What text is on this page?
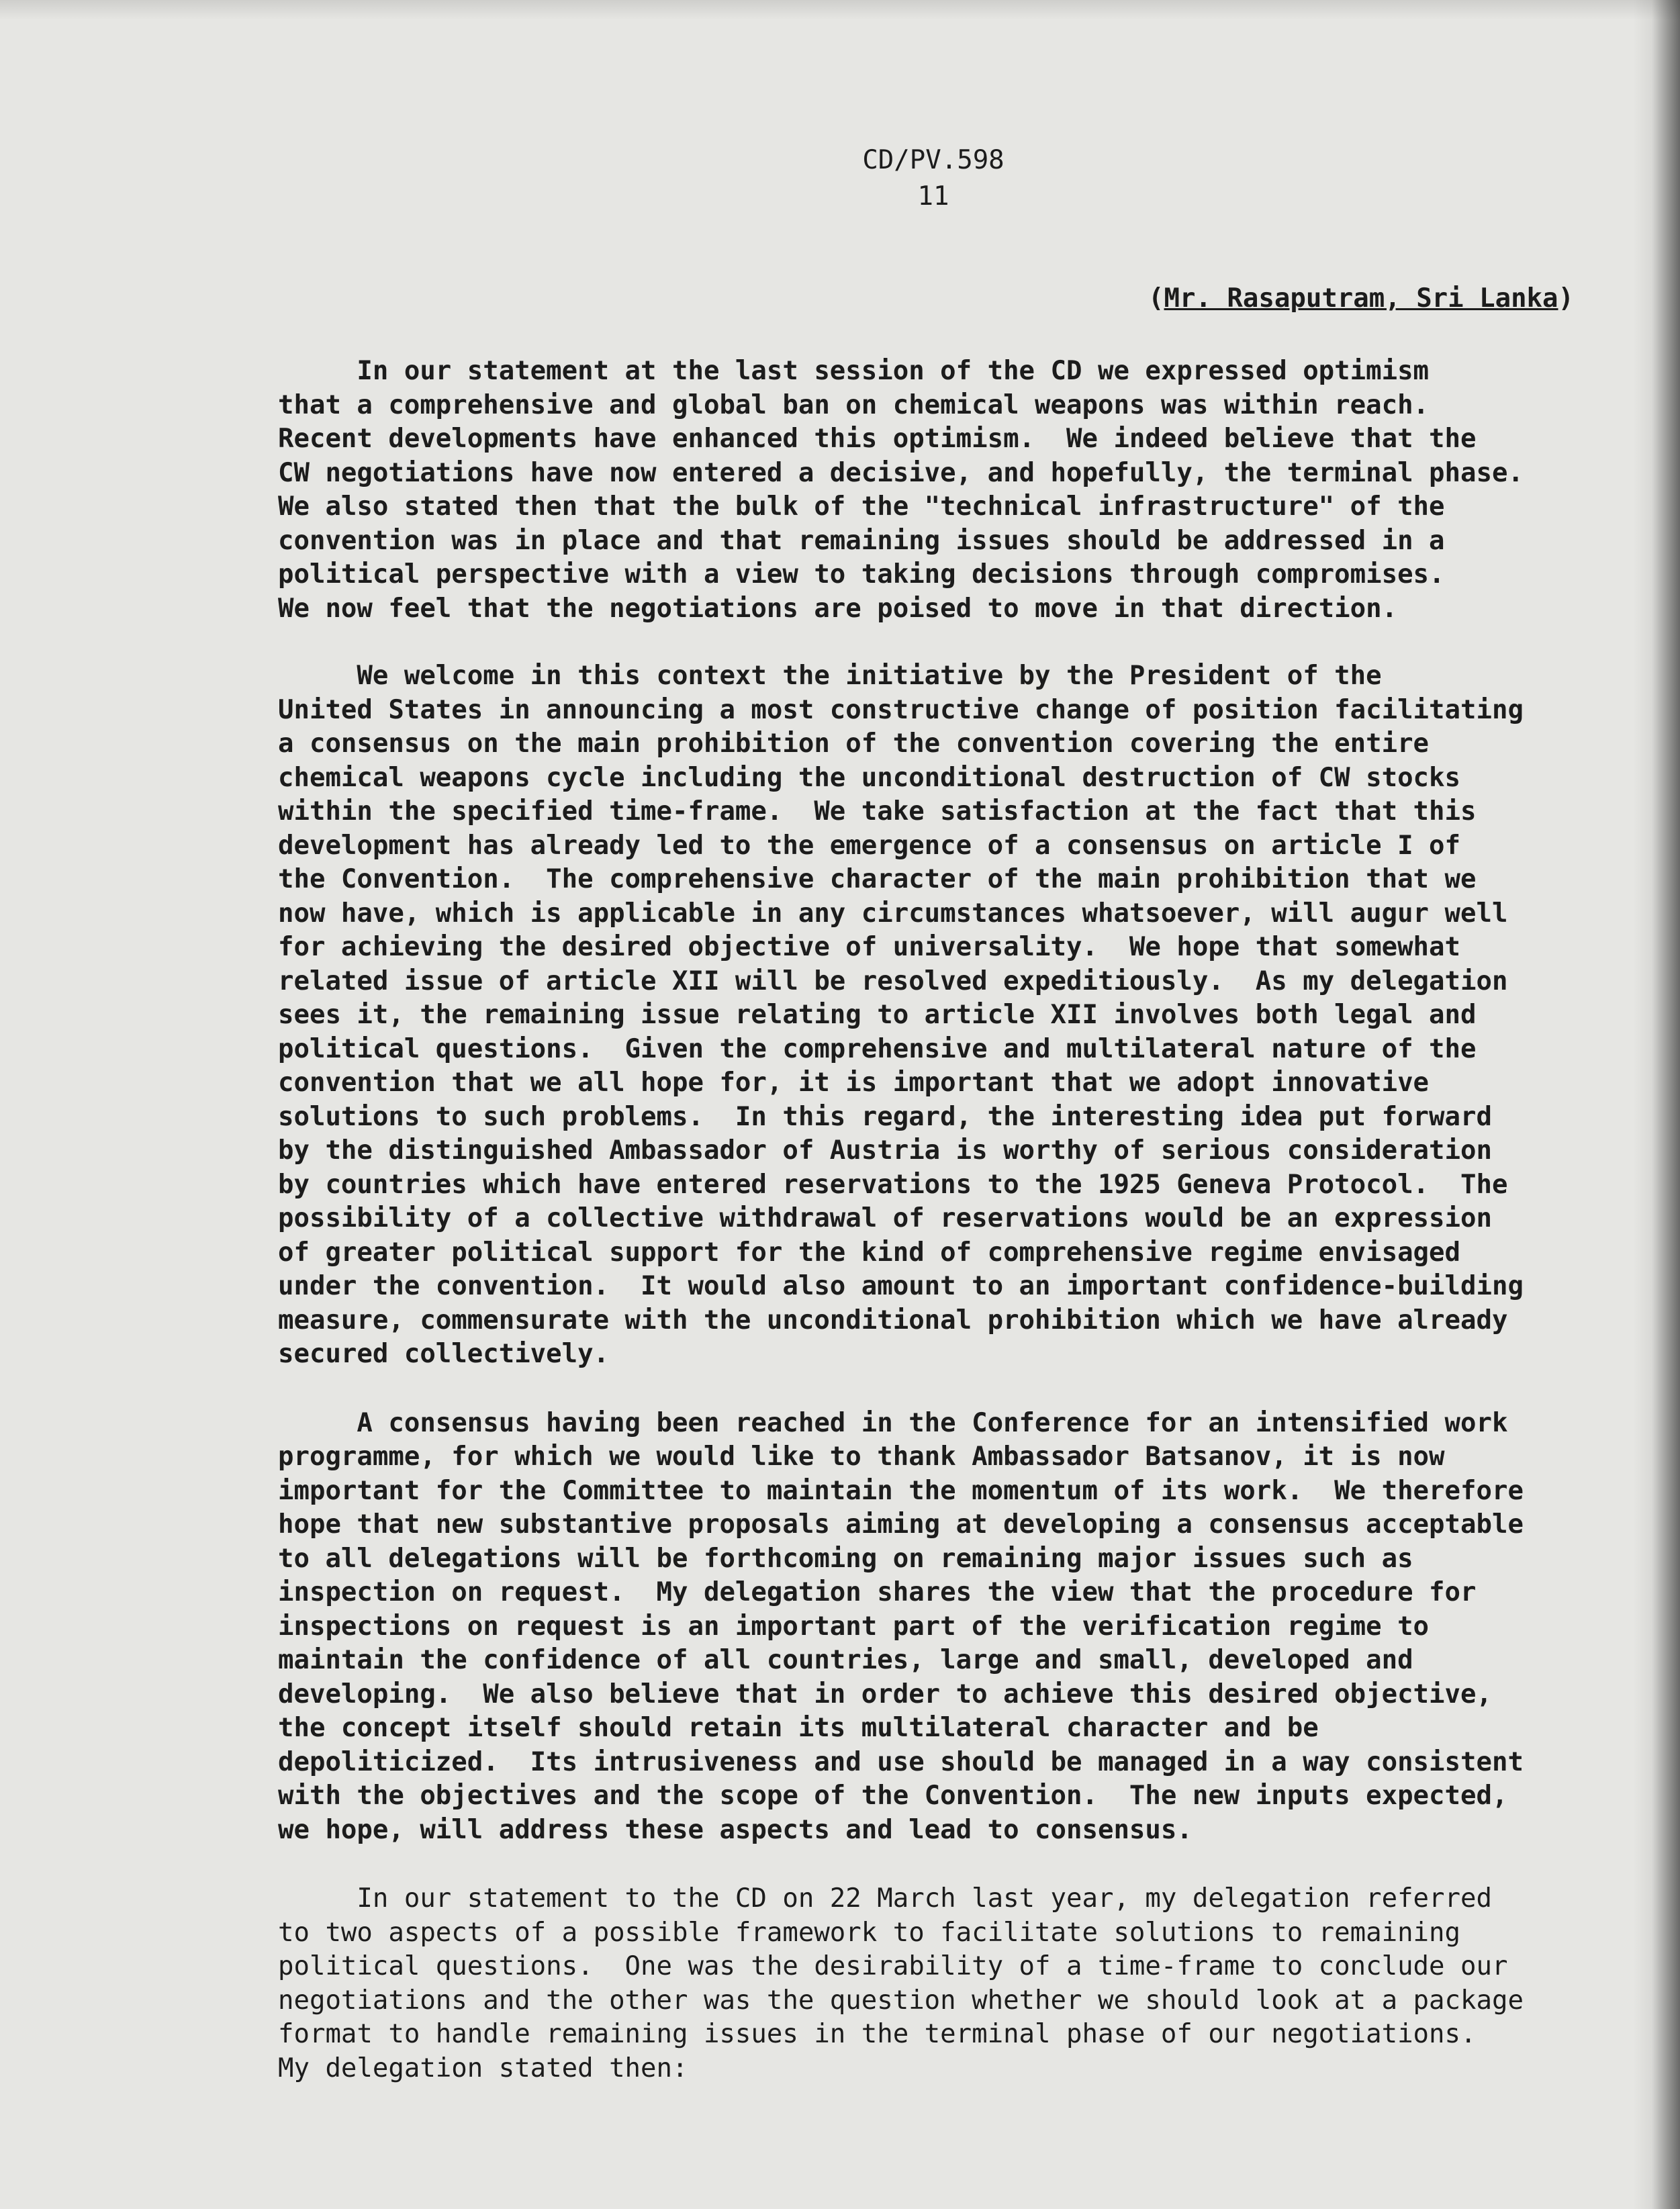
CD/PV.598
11
(Mr. Rasaputram, Sri Lanka)

In our statement at the last session of the CD we expressed optimism
that a comprehensive and global ban on chemical weapons was within reach.
Recent developments have enhanced this optimism.  We indeed believe that the
CW negotiations have now entered a decisive, and hopefully, the terminal phase.
We also stated then that the bulk of the "technical infrastructure" of the
convention was in place and that remaining issues should be addressed in a
political perspective with a view to taking decisions through compromises.
We now feel that the negotiations are poised to move in that direction.

We welcome in this context the initiative by the President of the
United States in announcing a most constructive change of position facilitating
a consensus on the main prohibition of the convention covering the entire
chemical weapons cycle including the unconditional destruction of CW stocks
within the specified time-frame.  We take satisfaction at the fact that this
development has already led to the emergence of a consensus on article I of
the Convention.  The comprehensive character of the main prohibition that we
now have, which is applicable in any circumstances whatsoever, will augur well
for achieving the desired objective of universality.  We hope that somewhat
related issue of article XII will be resolved expeditiously.  As my delegation
sees it, the remaining issue relating to article XII involves both legal and
political questions.  Given the comprehensive and multilateral nature of the
convention that we all hope for, it is important that we adopt innovative
solutions to such problems.  In this regard, the interesting idea put forward
by the distinguished Ambassador of Austria is worthy of serious consideration
by countries which have entered reservations to the 1925 Geneva Protocol.  The
possibility of a collective withdrawal of reservations would be an expression
of greater political support for the kind of comprehensive regime envisaged
under the convention.  It would also amount to an important confidence-building
measure, commensurate with the unconditional prohibition which we have already
secured collectively.

A consensus having been reached in the Conference for an intensified work
programme, for which we would like to thank Ambassador Batsanov, it is now
important for the Committee to maintain the momentum of its work.  We therefore
hope that new substantive proposals aiming at developing a consensus acceptable
to all delegations will be forthcoming on remaining major issues such as
inspection on request.  My delegation shares the view that the procedure for
inspections on request is an important part of the verification regime to
maintain the confidence of all countries, large and small, developed and
developing.  We also believe that in order to achieve this desired objective,
the concept itself should retain its multilateral character and be
depoliticized.  Its intrusiveness and use should be managed in a way consistent
with the objectives and the scope of the Convention.  The new inputs expected,
we hope, will address these aspects and lead to consensus.

In our statement to the CD on 22 March last year, my delegation referred
to two aspects of a possible framework to facilitate solutions to remaining
political questions.  One was the desirability of a time-frame to conclude our
negotiations and the other was the question whether we should look at a package
format to handle remaining issues in the terminal phase of our negotiations.
My delegation stated then:
